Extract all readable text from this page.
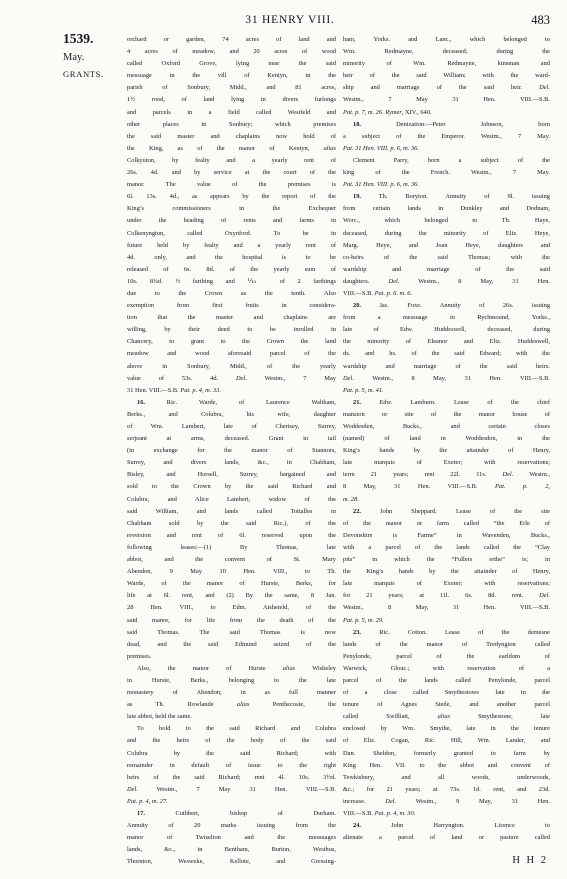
31 HENRY VIII.	483
1539.
May.
GRANTS.
orchard or garden, 74 acres of land and
4 acres of meadow, and 20 acres of wood
called Oxford Grove, lying near the said
messuage in the vill of Kentyn, in the
parish of Sonbury, Midd., and 81 acres,
1½ rood, of land lying in divers furlongs
and parcels in a field called Westfeld and
other places in Sonbury; which premises
the said master and chaplains now hold of
the King, as of the manor of Kentyn, alias
Colkyuton, by fealty and a yearly rent of
26s. 4d. and by service at the court of the
manor. The value of the premises is
6l. 13s. 4d., as appears by the report of the
King’s commissioners in the Exchequer
under the heading of rents and farms in
Colkenyngton, called Oxynford. To be in
future held by fealty and a yearly rent of
4d. only, and the hospital is to be
released of 6s. 8d. of the yearly sum of
10s. 8¾d. ½ farthing and ⅒ of 2 farthings
due to the Crown as the tenth. Also
exemption from first fruits in considera-
tion that the master and chaplains are
willing, by their deed to be inrolled in
Chancery, to grant to the Crown the land
meadow and wood aforesaid parcel of the
above in Sonbury, Midd., of the yearly
value of 53s. 4d. Del. Westm., 7 May
31 Hen. VIII.—S.B. Pat. p. 4, m. 33.
16. Ric. Warde, of Laurence Waltham,
Berks., and Colubra, his wife, daughter
of Wm. Lambert, late of Chertsey, Surrey,
serjeant at arms, deceased. Grant in tail
(in exchange for the manor of Stannors,
Surrey, and divers lands, &c., in Chabham,
Bisley, and Horsell, Surrey, bargained and
sold to the Crown by the said Richard and
Colubra, and Alice Lambert, widow of the
said William, and lands called Tottalles in
Chabham sold by the said Ric.), of the
reversion and rent of 6l. reserved upon the
following leases:—(1) By Thomas, late
abbot, and the convent of St. Mary
Abendon, 9 May 10 Hen. VIII., to Th.
Warde, of the manor of Hurste, Berks, for
life at 6l. rent, and (2) By the same, 8 Jan.
28 Hen. VIII., to Edm. Aisheteld, of the
said manor, for life from the death of the
said Thomas. The said Thomas is now
dead, and the said Edmund seized of the
premises.
Also, the manor of Hurste alias Wisheley
in Hurste, Berks., belonging to the late
monastery of Abendon; in as full manner
as Th. Rowlande alias Penthecoste, the
late abbot, held the same.
To hold to the said Richard and Colubra
and the heirs of the body of the said
Colubra by the said Richard; with
remainder in default of issue to the right
heirs of the said Richard; rent 4l. 10s. 3½d.
Del. Westm., 7 May 31 Hen. VIII.—S.B.
Pat. p. 4, m. 27.
17. Cuthbert, bishop of Durham.
Annuity of 20 marks issuing from the
manor of Twiselton and the messuages
lands, &c., in Bentham, Burton, Westhus,
Thornton, Wesweke, Kellote, and Gressing-
ham, Yorks. and Lanc., which belonged to
Wm. Redmayne, deceased; during the
minority of Wm. Redmayne, kinsman and
heir of the said William; with the ward-
ship and marriage of the said heir. Del.
Westm., 7 May 31 Hen. VIII.—S.B.
Pat. p. 7, m. 26. Rymer, XIV., 640.
18. Denization:—Peter Johnson, born
a subject of the Emperor. Westm., 7 May.
Pat. 31 Hen. VIII. p. 6, m. 36.
Clement Parry, born a subject of the
king of the French. Westm., 7 May.
Pat. 31 Hen. VIII. p. 6, m. 36.
19. Th. Boryton. Annuity of 9l. issuing
from certain lands in Dunkley and Dodnam,
Worc., which belonged to Th. Haye,
deceased, during the minority of Eliz. Heye,
Marg. Heye, and Joan Heye, daughters and
co-heirs of the said Thomas; with the
wardship and marriage of the said
daughters. Del. Westm., 8 May, 31 Hen.
VIII.—S.B. Pat. p. 6. m. 6.
20. Jas. Foxe. Annuity of 26s. issuing
from a messuage in Rychmound, Yorks.,
late of Edw. Huddeswell, deceased, during
the minority of Eleanor and Eliz. Huddeswell,
ds. and hs. of the said Edward; with the
wardship and marriage of the said heirs.
Del. Westm., 8 May, 31 Hen. VIII.—S.B.
Pat. p. 5, m. 41.
21. Edw. Lamburn. Lease of the chief
mansion or site of the manor house of
Woddesden, Bucks., and certain closes
(named) of land in Woddesdon, in the
King’s hands by the attainder of Henry,
late marquis of Exeter; with reservations;
term 21 years; rent 22l. 11s. Del. Westm.,
8 May, 31 Hen. VIII.—S.B. Pat. p. 2,
m. 28.
22. John Sheppard. Lease of the site
of the manor or farm called “the Erle of
Devonshire is Farme” in Wavenden, Bucks.,
with a parcel of the lands called the “Clay
pits” in which the “Fullers erthe” is; in
the King’s hands by the attainder of Henry,
late marquis of Exeter; with reservations;
for 21 years; at 11l. 6s. 8d. rent. Del.
Westm., 8 May, 31 Hen. VIII.—S.B.
Pat. p. 5, m. 29.
23. Ric. Cotton. Lease of the demesne
lands of the manor of Tredyngton called
Penylonde, parcel of the earldom of
Warwick, Glouc.; with reservation of a
parcel of the lands called Penylonde, parcel
of a close called Smythestowe late in the
tenure of Agnes Stede, and another parcel
called Swilliatt, alias Smythestone, late
enclosed by Wm. Smythe, late in the tenure
of Eliz. Cogan, Ric. Hill, Wm. Lander, and
Dan. Sheldon, formerly granted to farm by
King Hen. VII. to the abbot and convent of
Tewkisbury, and all woods, underwoods,
&c.; for 21 years; at 73s. 1d. rent, and 23d.
increase. Del. Westm., 9 May, 31 Hen.
VIII.—S.B. Pat. p. 4, m. 30.
24. John Harryngton. Licence to
alienate a parcel of land or pasture called
H H 2
